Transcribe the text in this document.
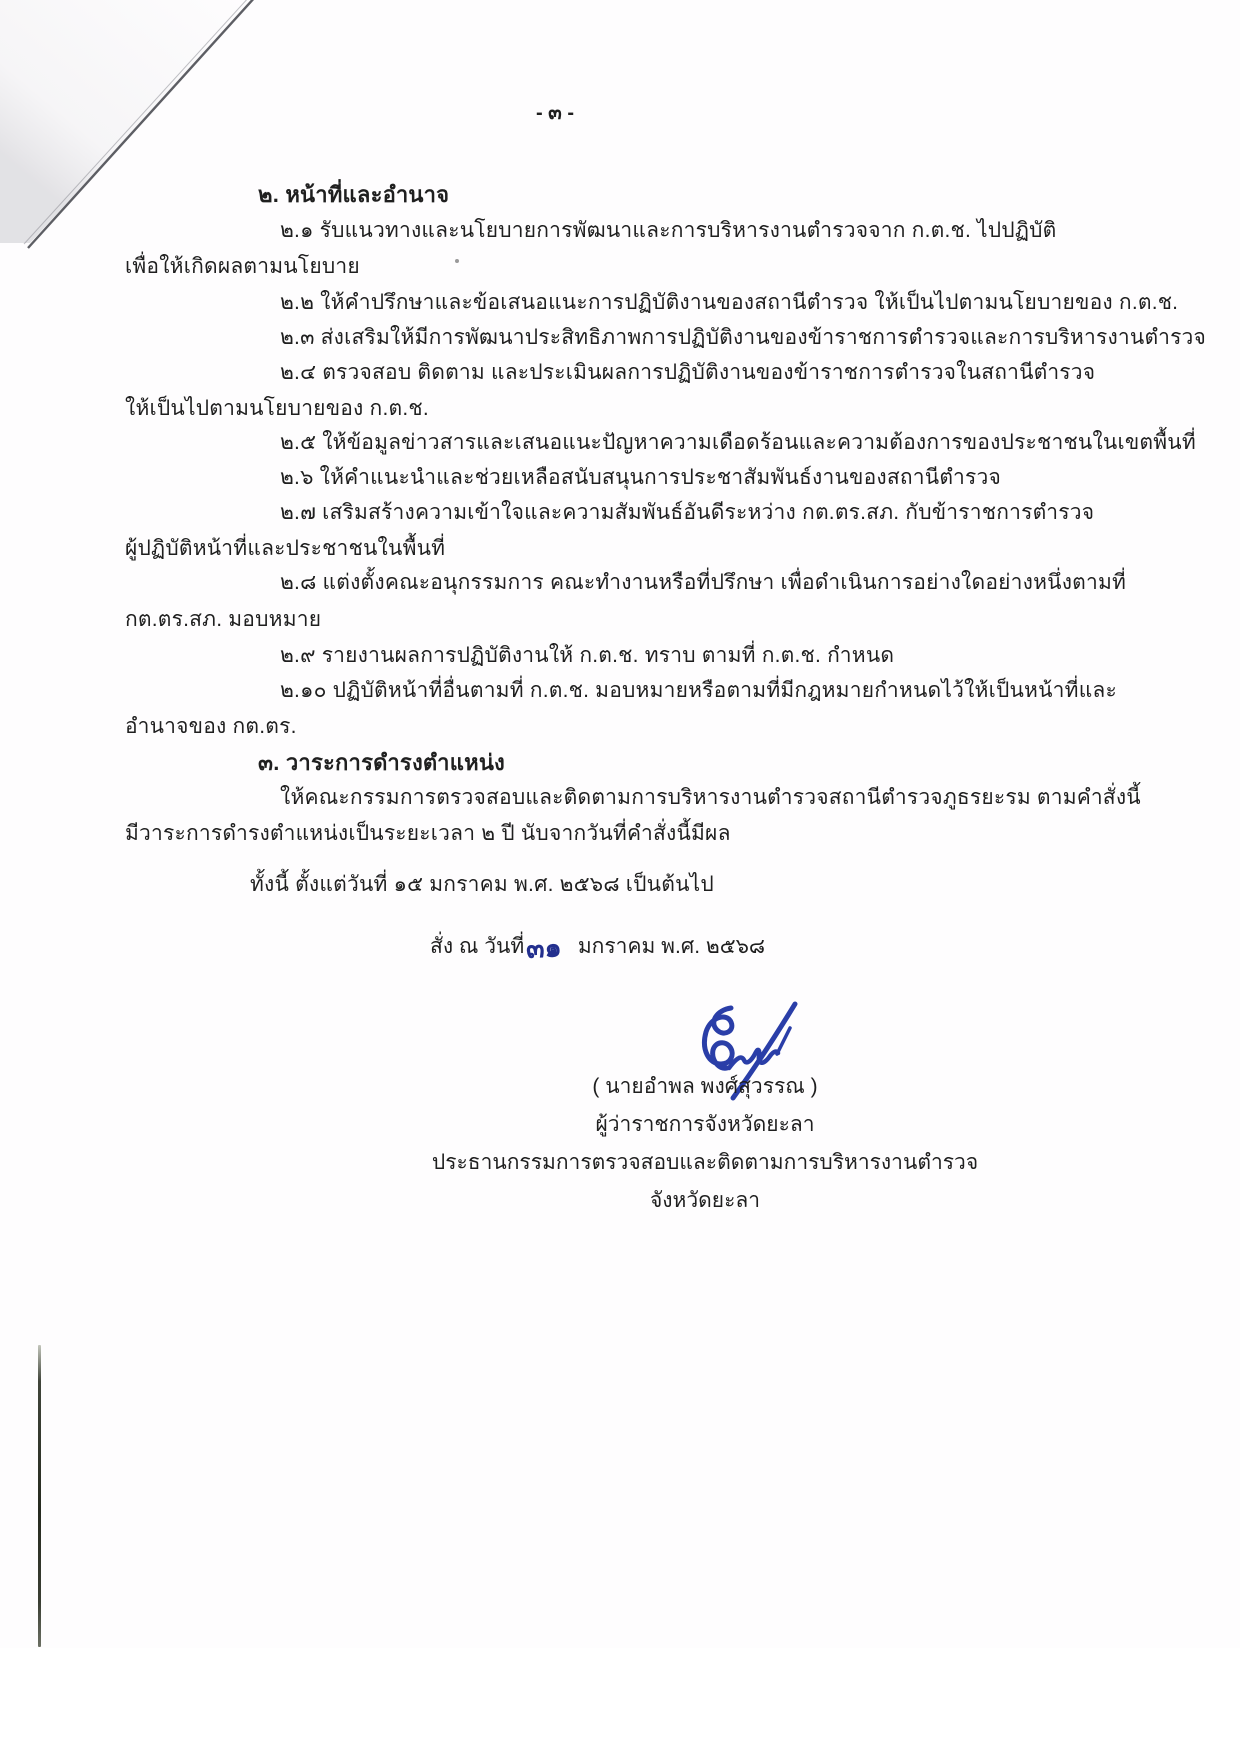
- ๓ -
๒. หน้าที่และอำนาจ
๒.๑ รับแนวทางและนโยบายการพัฒนาและการบริหารงานตำรวจจาก ก.ต.ช. ไปปฏิบัติ
เพื่อให้เกิดผลตามนโยบาย
๒.๒ ให้คำปรึกษาและข้อเสนอแนะการปฏิบัติงานของสถานีตำรวจ ให้เป็นไปตามนโยบายของ ก.ต.ช.
๒.๓ ส่งเสริมให้มีการพัฒนาประสิทธิภาพการปฏิบัติงานของข้าราชการตำรวจและการบริหารงานตำรวจ
๒.๔ ตรวจสอบ ติดตาม และประเมินผลการปฏิบัติงานของข้าราชการตำรวจในสถานีตำรวจ
ให้เป็นไปตามนโยบายของ ก.ต.ช.
๒.๕ ให้ข้อมูลข่าวสารและเสนอแนะปัญหาความเดือดร้อนและความต้องการของประชาชนในเขตพื้นที่
๒.๖ ให้คำแนะนำและช่วยเหลือสนับสนุนการประชาสัมพันธ์งานของสถานีตำรวจ
๒.๗ เสริมสร้างความเข้าใจและความสัมพันธ์อันดีระหว่าง กต.ตร.สภ. กับข้าราชการตำรวจ
ผู้ปฏิบัติหน้าที่และประชาชนในพื้นที่
๒.๘ แต่งตั้งคณะอนุกรรมการ คณะทำงานหรือที่ปรึกษา เพื่อดำเนินการอย่างใดอย่างหนึ่งตามที่
กต.ตร.สภ. มอบหมาย
๒.๙ รายงานผลการปฏิบัติงานให้ ก.ต.ช. ทราบ ตามที่ ก.ต.ช. กำหนด
๒.๑๐ ปฏิบัติหน้าที่อื่นตามที่ ก.ต.ช. มอบหมายหรือตามที่มีกฎหมายกำหนดไว้ให้เป็นหน้าที่และ
อำนาจของ กต.ตร.
๓. วาระการดำรงตำแหน่ง
ให้คณะกรรมการตรวจสอบและติดตามการบริหารงานตำรวจสถานีตำรวจภูธรยะรม ตามคำสั่งนี้
มีวาระการดำรงตำแหน่งเป็นระยะเวลา ๒ ปี นับจากวันที่คำสั่งนี้มีผล
ทั้งนี้ ตั้งแต่วันที่ ๑๕ มกราคม พ.ศ. ๒๕๖๘ เป็นต้นไป
สั่ง ณ วันที่ ๓๑ มกราคม พ.ศ. ๒๕๖๘
( นายอำพล พงศ์สุวรรณ )
ผู้ว่าราชการจังหวัดยะลา
ประธานกรรมการตรวจสอบและติดตามการบริหารงานตำรวจ
จังหวัดยะลา
